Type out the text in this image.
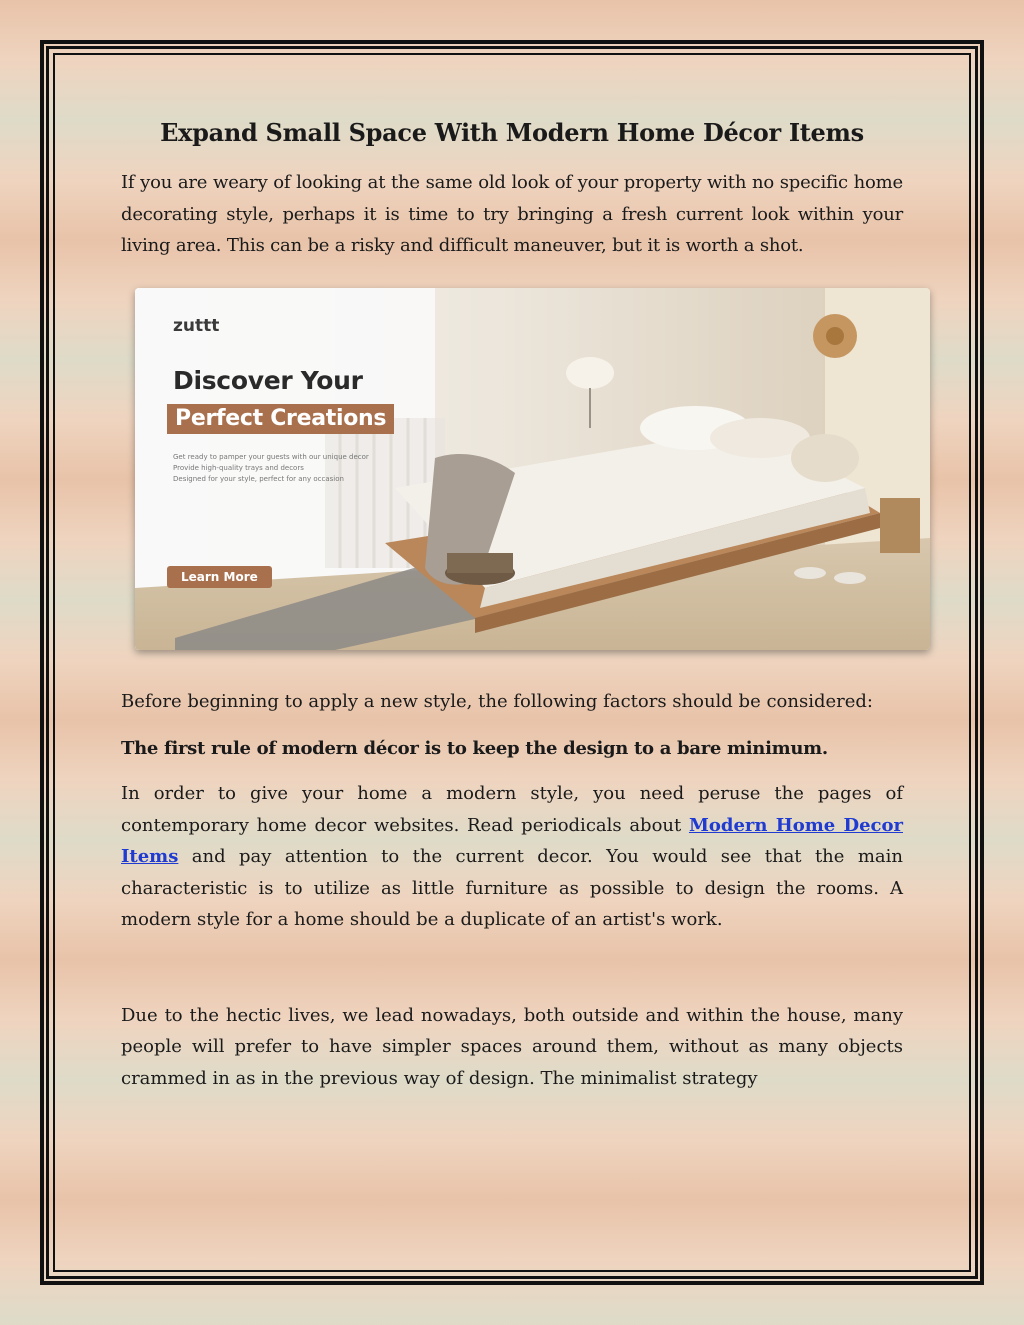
Expand Small Space With Modern Home Décor Items

If you are weary of looking at the same old look of your property with no specific home decorating style, perhaps it is time to try bringing a fresh current look within your living area. This can be a risky and difficult maneuver, but it is worth a shot.

zuttt
Discover Your
Perfect Creations
Get ready to pamper your guests with our unique decor
Provide high-quality trays and decors
Designed for your style, perfect for any occasion
Learn More

Before beginning to apply a new style, the following factors should be considered:

The first rule of modern décor is to keep the design to a bare minimum.

In order to give your home a modern style, you need peruse the pages of contemporary home decor websites. Read periodicals about Modern Home Decor Items and pay attention to the current decor. You would see that the main characteristic is to utilize as little furniture as possible to design the rooms. A modern style for a home should be a duplicate of an artist's work.

Due to the hectic lives, we lead nowadays, both outside and within the house, many people will prefer to have simpler spaces around them, without as many objects crammed in as in the previous way of design. The minimalist strategy
